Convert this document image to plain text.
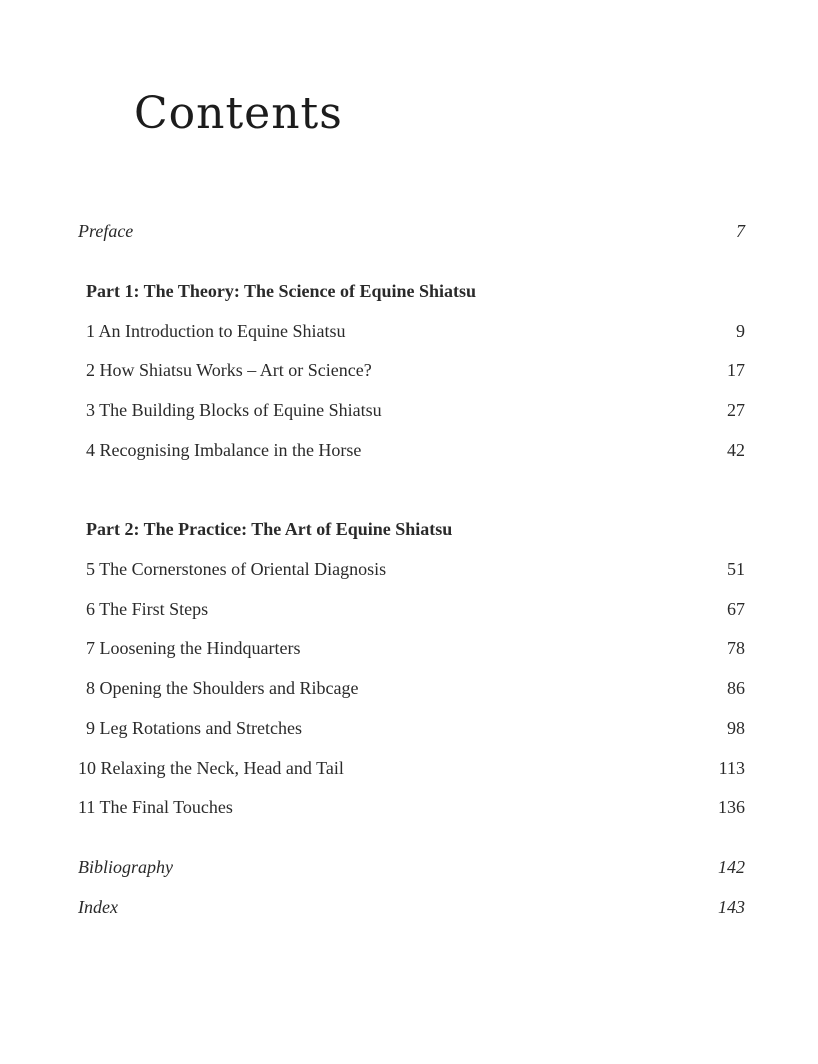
Contents
Preface	7
Part 1: The Theory: The Science of Equine Shiatsu
1 An Introduction to Equine Shiatsu	9
2 How Shiatsu Works – Art or Science?	17
3 The Building Blocks of Equine Shiatsu	27
4 Recognising Imbalance in the Horse	42
Part 2: The Practice: The Art of Equine Shiatsu
5 The Cornerstones of Oriental Diagnosis	51
6 The First Steps	67
7 Loosening the Hindquarters	78
8 Opening the Shoulders and Ribcage	86
9 Leg Rotations and Stretches	98
10 Relaxing the Neck, Head and Tail	113
11 The Final Touches	136
Bibliography	142
Index	143
